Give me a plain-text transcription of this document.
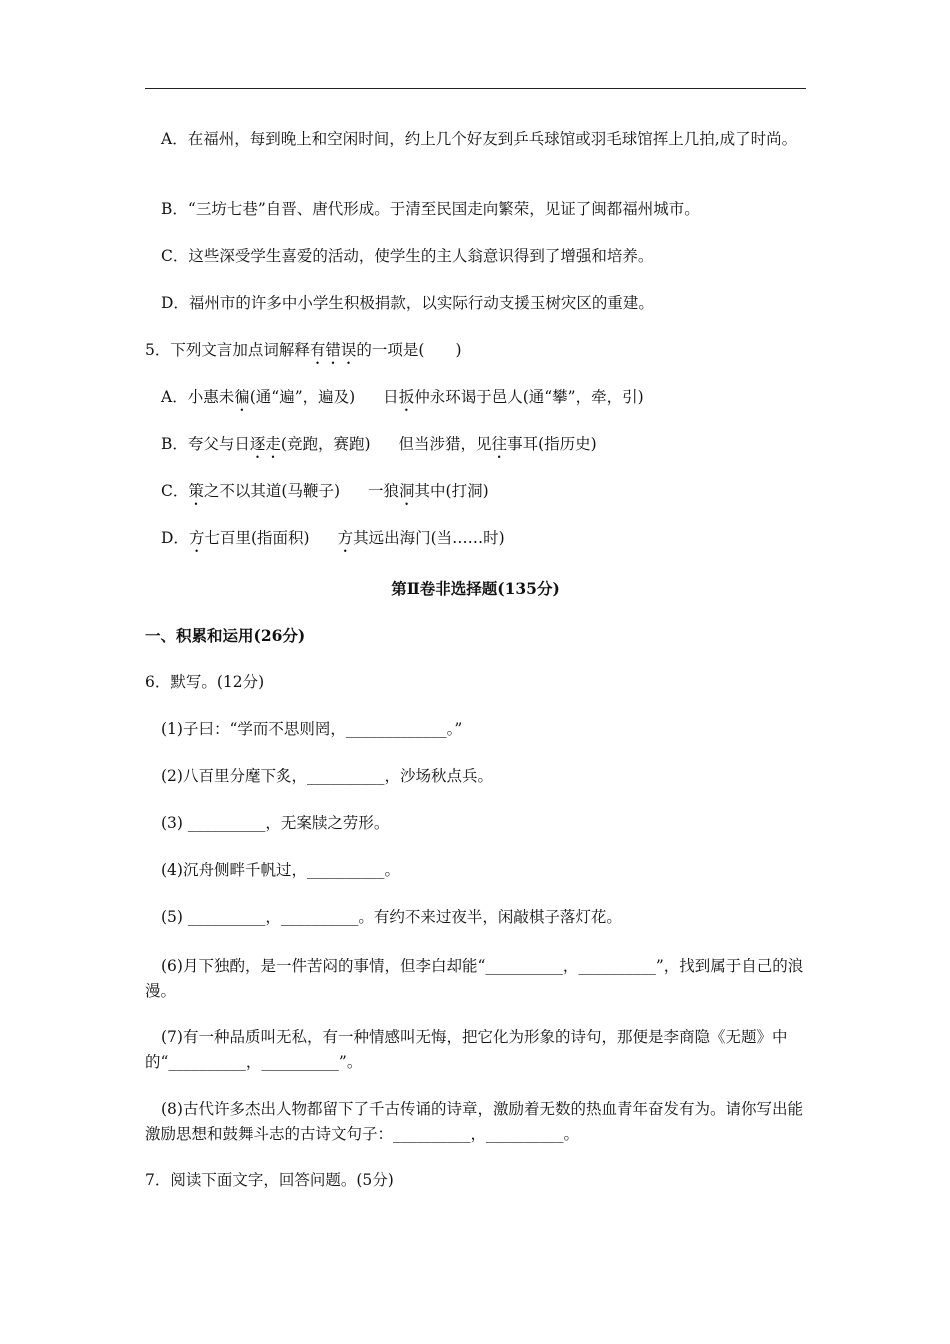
A．在福州，每到晚上和空闲时间，约上几个好友到乒乓球馆或羽毛球馆挥上几拍,成了时尚。
B．“三坊七巷”自晋、唐代形成。于清至民国走向繁荣，见证了闽都福州城市。
C．这些深受学生喜爱的活动，使学生的主人翁意识得到了增强和培养。
D．福州市的许多中小学生积极捐款，以实际行动支援玉树灾区的重建。
5．下列文言加点词解释有错误的一项是(　　)
A．小惠未徧(通“遍”，遍及) 日扳仲永环谒于邑人(通“攀”，牵，引)
B．夸父与日逐走(竞跑，赛跑) 但当涉猎，见往事耳(指历史)
C．策之不以其道(马鞭子) 一狼洞其中(打洞)
D．方七百里(指面积) 方其远出海门(当……时)
第Ⅱ卷非选择题(135分)
一、积累和运用(26分)
6．默写。(12分)
(1)子曰：“学而不思则罔，_____________。”
(2)八百里分麾下炙，__________，沙场秋点兵。
(3) __________，无案牍之劳形。
(4)沉舟侧畔千帆过，__________。
(5) __________，__________。有约不来过夜半，闲敲棋子落灯花。
(6)月下独酌，是一件苦闷的事情，但李白却能“__________，__________”，找到属于自己的浪漫。
(7)有一种品质叫无私，有一种情感叫无悔，把它化为形象的诗句，那便是李商隐《无题》中的“__________，__________”。
(8)古代许多杰出人物都留下了千古传诵的诗章，激励着无数的热血青年奋发有为。请你写出能激励思想和鼓舞斗志的古诗文句子：__________，__________。
7．阅读下面文字，回答问题。(5分)
